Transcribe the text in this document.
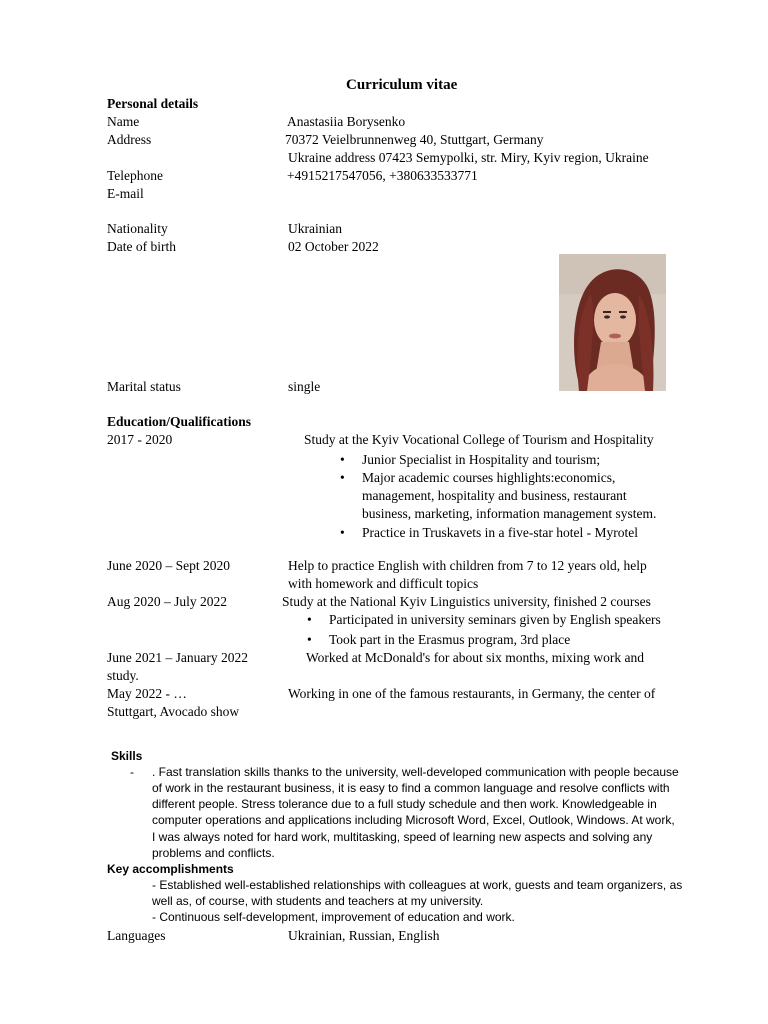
Curriculum vitae
Personal details
Name	Anastasiia Borysenko
Address	70372 Veielbrunnenweg 40, Stuttgart, Germany
Ukraine address 07423 Semypolki, str. Miry, Kyiv region, Ukraine
Telephone	+4915217547056, +380633533771
E-mail
Nationality	Ukrainian
Date of birth	02 October 2022
Marital status	single
Education/Qualifications
2017 - 2020	Study at the Kyiv Vocational College of Tourism and Hospitality
• Junior Specialist in Hospitality and tourism;
• Major academic courses highlights:economics,
management, hospitality and business, restaurant
business, marketing, information management system.
• Practice in Truskavets in a five-star hotel - Myrotel
June 2020 – Sept 2020	Help to practice English with children from 7 to 12 years old, help
with homework and difficult topics
Aug 2020 – July 2022	Study at the National Kyiv Linguistics university, finished 2 courses
• Participated in university seminars given by English speakers
• Took part in the Erasmus program, 3rd place
June 2021 – January 2022	Worked at McDonald's for about six months, mixing work and
study.
May 2022 - …	Working in one of the famous restaurants, in Germany, the center of
Stuttgart, Avocado show
Skills
- . Fast translation skills thanks to the university, well-developed communication with people because
of work in the restaurant business, it is easy to find a common language and resolve conflicts with
different people. Stress tolerance due to a full study schedule and then work. Knowledgeable in
computer operations and applications including Microsoft Word, Excel, Outlook, Windows. At work,
I was always noted for hard work, multitasking, speed of learning new aspects and solving any
problems and conflicts.
Key accomplishments
- Established well-established relationships with colleagues at work, guests and team organizers, as
well as, of course, with students and teachers at my university.
- Continuous self-development, improvement of education and work.
Languages	Ukrainian, Russian, English
